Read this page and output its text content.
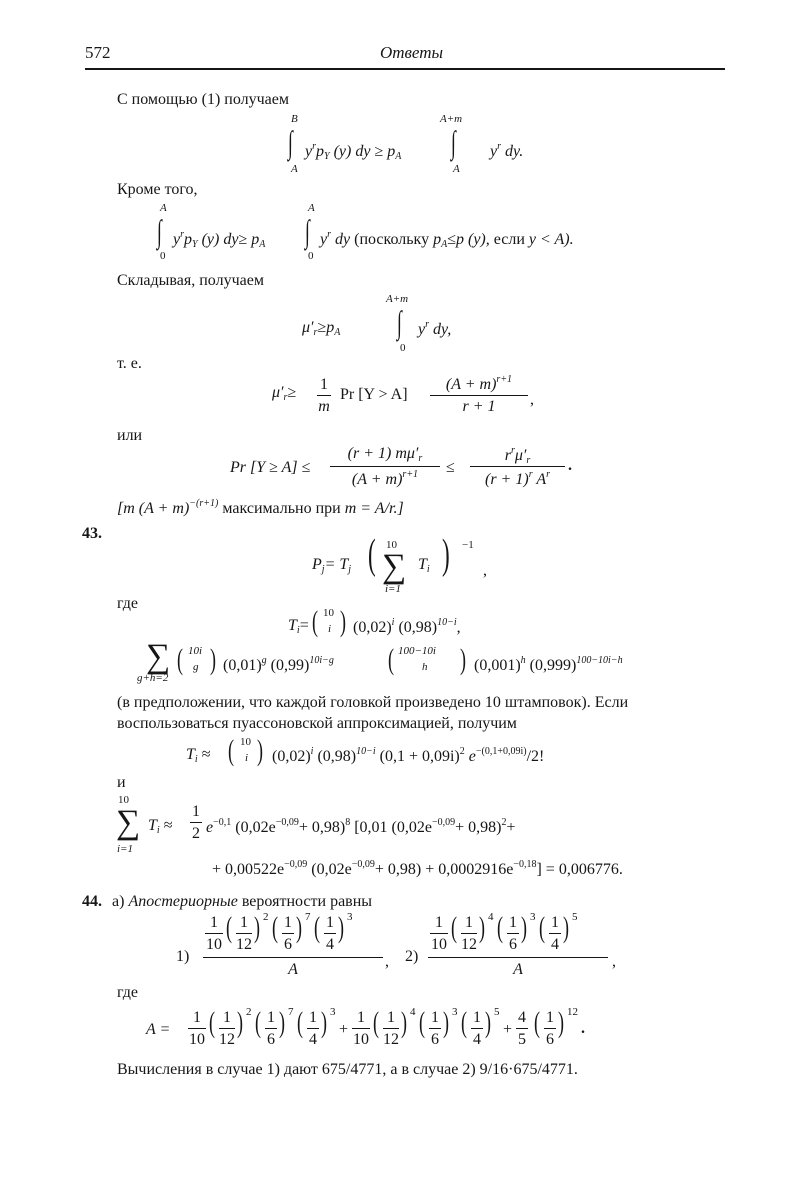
572	Ответы
С помощью (1) получаем
B
∫
A
$y^rp_Y$ (y) dy ≥ $p_A$
A+m
∫
A
$y^r$ dy.
Кроме того,
A
∫
0
$y^rp_Y$ (y) $dy\ge p_A$
A
∫
0
$y^r$ dy (поскольку $p_A\le p$ (y), если y < A).
Складывая, получаем
A+m
∫
0
$\mu'_r\ge p_A$	$y^r$ dy,
т. е.
$\mu'_r\ge 1$
m
Pr [Y > A]
$(A + m)^{r+1}$
r + 1	,
или
Pr [Y ≥ A] ≤
(r + 1) $m\mu'_r$
$(A + m)^{r+1}$	≤
$r^r\mu'_r$
$(r + 1)^r$ $A^r$
.
[m $(A + m)^{-(r+1)}$ максимально при m = A/r.]
43.
$P_j= T_j$ ( 10
∑
i=1
$T_i$ ) −1
,
где
$T_i=$ ( 10
i ) $(0,02)^i$ $(0,98)^{10-i}$,
∑
g+h=2
( 10i
g ) $(0,01)^g$ $(0,99)^{10i-g}$ ( 100−10i
h ) $(0,001)^h$ $(0,999)^{100-10i-h}$
(в предположении, что каждой головкой произведено 10 штамповок). Если
воспользоваться пуассоновской аппроксимацией, получим
$T_i$ ≈ ( 10
i ) $(0,02)^i$ $(0,98)^{10-i}$ $(0,1 + 0,09i)^2$ $e^{-(0,1+0,09i)}/2$!
и
10
∑
i=1
$T_i$ ≈
1
2 $e^{-0,1}$ $(0,02e^{-0,09}+ 0,98)^8$ [0,01 $(0,02e^{-0,09}+ 0,98)^2+$
+ $0,00522e^{-0,09}$ $(0,02e^{-0,09}+ 0,98) + 0,0002916e^{-0,18}] = 0,006776$.
44. а) Апостериорные вероятности равны
1)
1
10
( 1
12
) 2 ( 1
6
) 7 ( 1
4
) 3
A	, 2)
1
10
( 1
12
) 4 ( 1
6
) 3 ( 1
4
) 5
A	,
где
A =
1
10
( 1
12
) 2 ( 1
6
) 7 ( 1
4
) 3
+
1
10
( 1
12
) 4 ( 1
6
) 3 ( 1
4
) 5
+
4
5
( 1
6
) 12
.
Вычисления в случае 1) дают 675/4771, а в случае 2) 9/16·675/4771.
